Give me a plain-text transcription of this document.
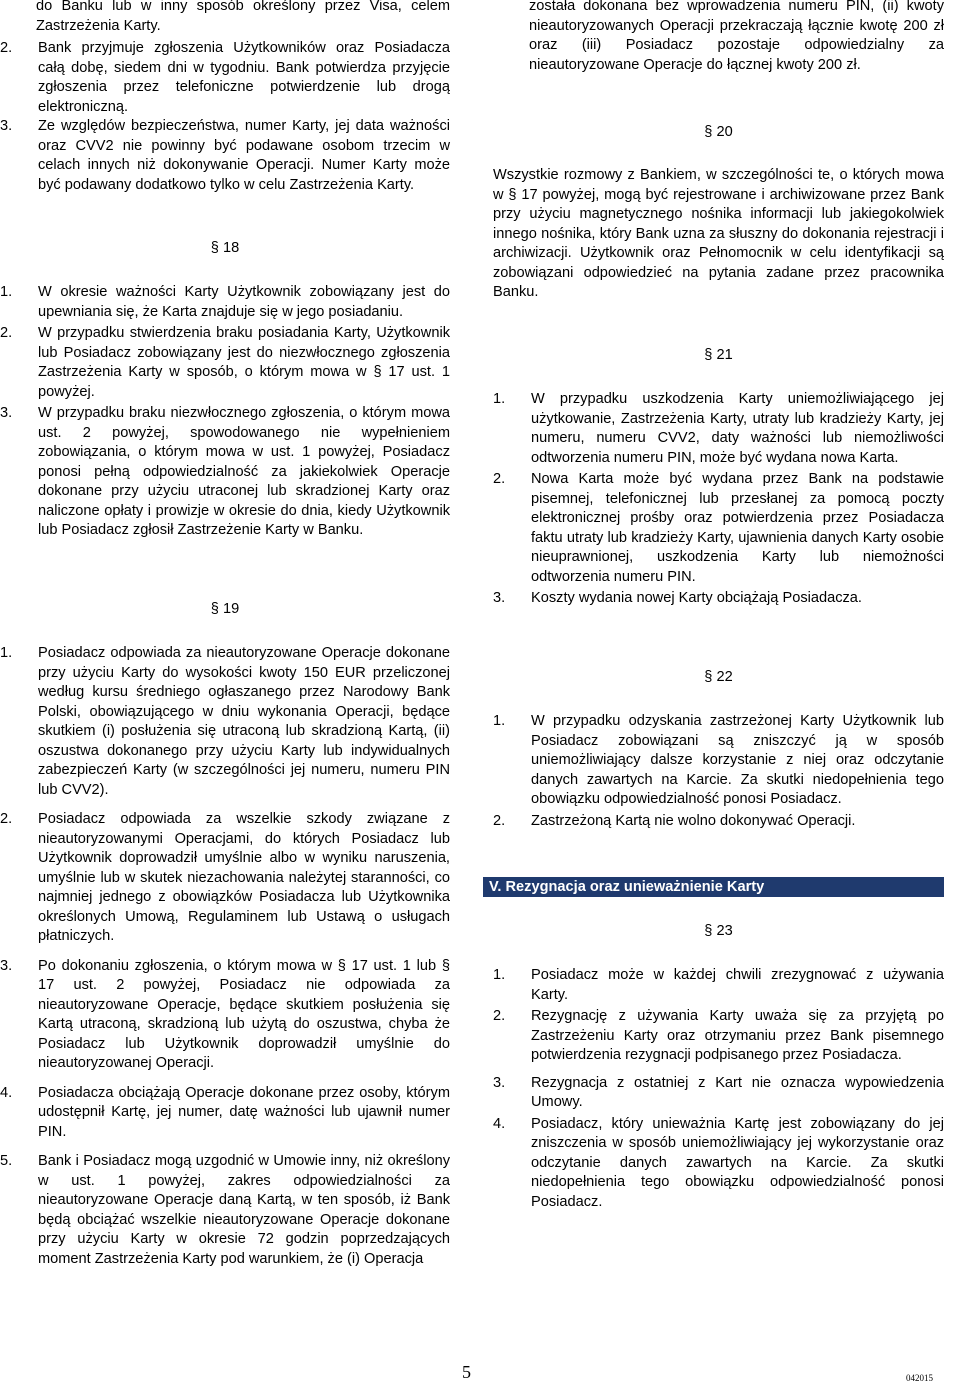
do Banku lub w inny sposób określony przez Visa, celem Zastrzeżenia Karty.

2. Bank przyjmuje zgłoszenia Użytkowników oraz Posiadacza całą dobę, siedem dni w tygodniu. Bank potwierdza przyjęcie zgłoszenia przez telefoniczne potwierdzenie lub drogą elektroniczną.
3. Ze względów bezpieczeństwa, numer Karty, jej data ważności oraz CVV2 nie powinny być podawane osobom trzecim w celach innych niż dokonywanie Operacji. Numer Karty może być podawany dodatkowo tylko w celu Zastrzeżenia Karty.

§ 18

1. W okresie ważności Karty Użytkownik zobowiązany jest do upewniania się, że Karta znajduje się w jego posiadaniu.
2. W przypadku stwierdzenia braku posiadania Karty, Użytkownik lub Posiadacz zobowiązany jest do niezwłocznego zgłoszenia Zastrzeżenia Karty w sposób, o którym mowa w § 17 ust. 1 powyżej.
3. W przypadku braku niezwłocznego zgłoszenia, o którym mowa ust. 2 powyżej, spowodowanego nie wypełnieniem zobowiązania, o którym mowa w ust. 1 powyżej, Posiadacz ponosi pełną odpowiedzialność za jakiekolwiek Operacje dokonane przy użyciu utraconej lub skradzionej Karty oraz naliczone opłaty i prowizje w okresie do dnia, kiedy Użytkownik lub Posiadacz zgłosił Zastrzeżenie Karty w Banku.

§ 19

1. Posiadacz odpowiada za nieautoryzowane Operacje dokonane przy użyciu Karty do wysokości kwoty 150 EUR przeliczonej według kursu średniego ogłaszanego przez Narodowy Bank Polski, obowiązującego w dniu wykonania Operacji, będące skutkiem (i) posłużenia się utraconą lub skradzioną Kartą, (ii) oszustwa dokonanego przy użyciu Karty lub indywidualnych zabezpieczeń Karty (w szczególności jej numeru, numeru PIN lub CVV2).
2. Posiadacz odpowiada za wszelkie szkody związane z nieautoryzowanymi Operacjami, do których Posiadacz lub Użytkownik doprowadził umyślnie albo w wyniku naruszenia, umyślnie lub w skutek niezachowania należytej staranności, co najmniej jednego z obowiązków Posiadacza lub Użytkownika określonych Umową, Regulaminem lub Ustawą o usługach płatniczych.
3. Po dokonaniu zgłoszenia, o którym mowa w § 17 ust. 1 lub § 17 ust. 2 powyżej, Posiadacz nie odpowiada za nieautoryzowane Operacje, będące skutkiem posłużenia się Kartą utraconą, skradzioną lub użytą do oszustwa, chyba że Posiadacz lub Użytkownik doprowadził umyślnie do nieautoryzowanej Operacji.
4. Posiadacza obciążają Operacje dokonane przez osoby, którym udostępnił Kartę, jej numer, datę ważności lub ujawnił numer PIN.
5. Bank i Posiadacz mogą uzgodnić w Umowie inny, niż określony w ust. 1 powyżej, zakres odpowiedzialności za nieautoryzowane Operacje daną Kartą, w ten sposób, iż Bank będą obciążać wszelkie nieautoryzowane Operacje dokonane przy użyciu Karty w okresie 72 godzin poprzedzających moment Zastrzeżenia Karty pod warunkiem, że (i) Operacja

została dokonana bez wprowadzenia numeru PIN, (ii) kwoty nieautoryzowanych Operacji przekraczają łącznie kwotę 200 zł oraz (iii) Posiadacz pozostaje odpowiedzialny za nieautoryzowane Operacje do łącznej kwoty 200 zł.

§ 20

Wszystkie rozmowy z Bankiem, w szczególności te, o których mowa w § 17 powyżej, mogą być rejestrowane i archiwizowane przez Bank przy użyciu magnetycznego nośnika informacji lub jakiegokolwiek innego nośnika, który Bank uzna za słuszny do dokonania rejestracji i archiwizacji. Użytkownik oraz Pełnomocnik w celu identyfikacji są zobowiązani odpowiedzieć na pytania zadane przez pracownika Banku.

§ 21

1. W przypadku uszkodzenia Karty uniemożliwiającego jej użytkowanie, Zastrzeżenia Karty, utraty lub kradzieży Karty, jej numeru, numeru CVV2, daty ważności lub niemożliwości odtworzenia numeru PIN, może być wydana nowa Karta.
2. Nowa Karta może być wydana przez Bank na podstawie pisemnej, telefonicznej lub przesłanej za pomocą poczty elektronicznej prośby oraz potwierdzenia przez Posiadacza faktu utraty lub kradzieży Karty, ujawnienia danych Karty osobie nieuprawnionej, uszkodzenia Karty lub niemożności odtworzenia numeru PIN.
3. Koszty wydania nowej Karty obciążają Posiadacza.

§ 22

1. W przypadku odzyskania zastrzeżonej Karty Użytkownik lub Posiadacz zobowiązani są zniszczyć ją w sposób uniemożliwiający dalsze korzystanie z niej oraz odczytanie danych zawartych na Karcie. Za skutki niedopełnienia tego obowiązku odpowiedzialność ponosi Posiadacz.
2. Zastrzeżoną Kartą nie wolno dokonywać Operacji.
V. Rezygnacja oraz unieważnienie Karty

§ 23

1. Posiadacz może w każdej chwili zrezygnować z używania Karty.
2. Rezygnację z używania Karty uważa się za przyjętą po Zastrzeżeniu Karty oraz otrzymaniu przez Bank pisemnego potwierdzenia rezygnacji podpisanego przez Posiadacza.
3. Rezygnacja z ostatniej z Kart nie oznacza wypowiedzenia Umowy.
4. Posiadacz, który unieważnia Kartę jest zobowiązany do jej zniszczenia w sposób uniemożliwiający jej wykorzystanie oraz odczytanie danych zawartych na Karcie. Za skutki niedopełnienia tego obowiązku odpowiedzialność ponosi Posiadacz.
5	042015
